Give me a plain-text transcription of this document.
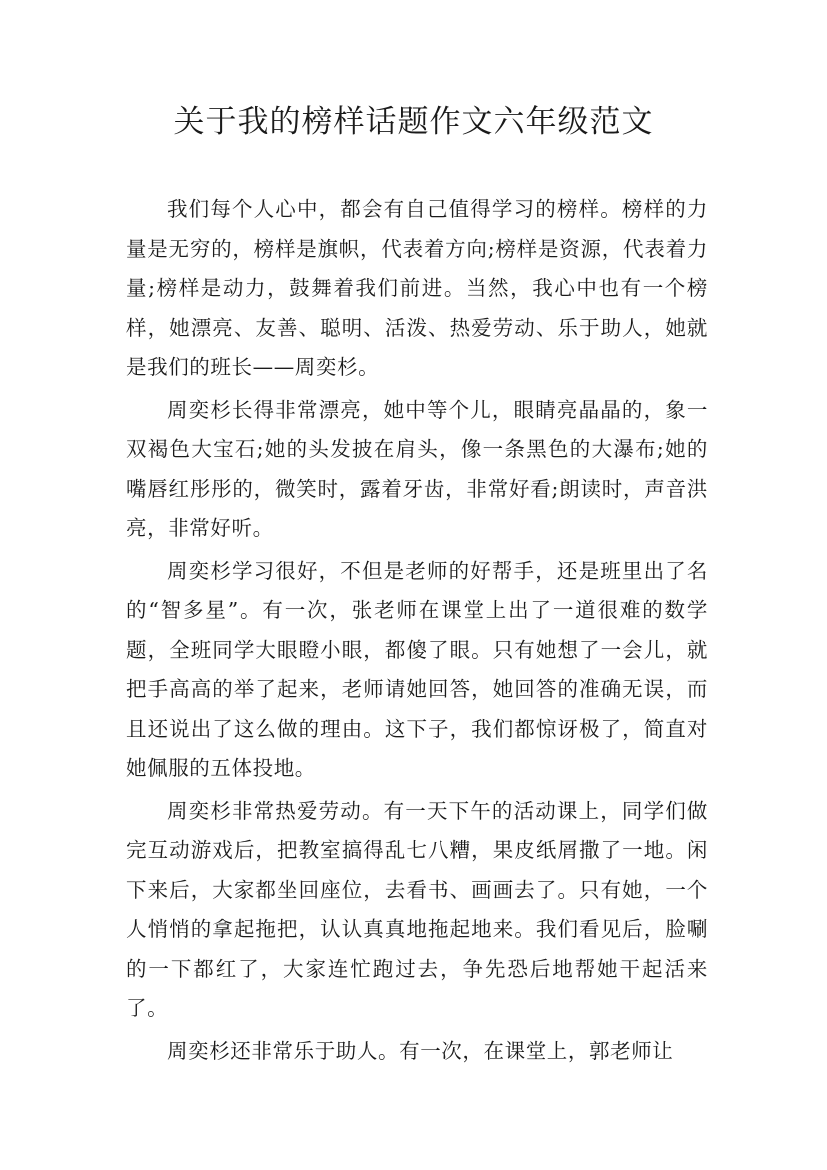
关于我的榜样话题作文六年级范文

我们每个人心中，都会有自己值得学习的榜样。榜样的力量是无穷的，榜样是旗帜，代表着方向;榜样是资源，代表着力量;榜样是动力，鼓舞着我们前进。当然，我心中也有一个榜样，她漂亮、友善、聪明、活泼、热爱劳动、乐于助人，她就是我们的班长——周奕杉。

周奕杉长得非常漂亮，她中等个儿，眼睛亮晶晶的，象一双褐色大宝石;她的头发披在肩头，像一条黑色的大瀑布;她的嘴唇红彤彤的，微笑时，露着牙齿，非常好看;朗读时，声音洪亮，非常好听。

周奕杉学习很好，不但是老师的好帮手，还是班里出了名的“智多星”。有一次，张老师在课堂上出了一道很难的数学题，全班同学大眼瞪小眼，都傻了眼。只有她想了一会儿，就把手高高的举了起来，老师请她回答，她回答的准确无误，而且还说出了这么做的理由。这下子，我们都惊讶极了，简直对她佩服的五体投地。

周奕杉非常热爱劳动。有一天下午的活动课上，同学们做完互动游戏后，把教室搞得乱七八糟，果皮纸屑撒了一地。闲下来后，大家都坐回座位，去看书、画画去了。只有她，一个人悄悄的拿起拖把，认认真真地拖起地来。我们看见后，脸唰的一下都红了，大家连忙跑过去，争先恐后地帮她干起活来了。

周奕杉还非常乐于助人。有一次，在课堂上，郭老师让
